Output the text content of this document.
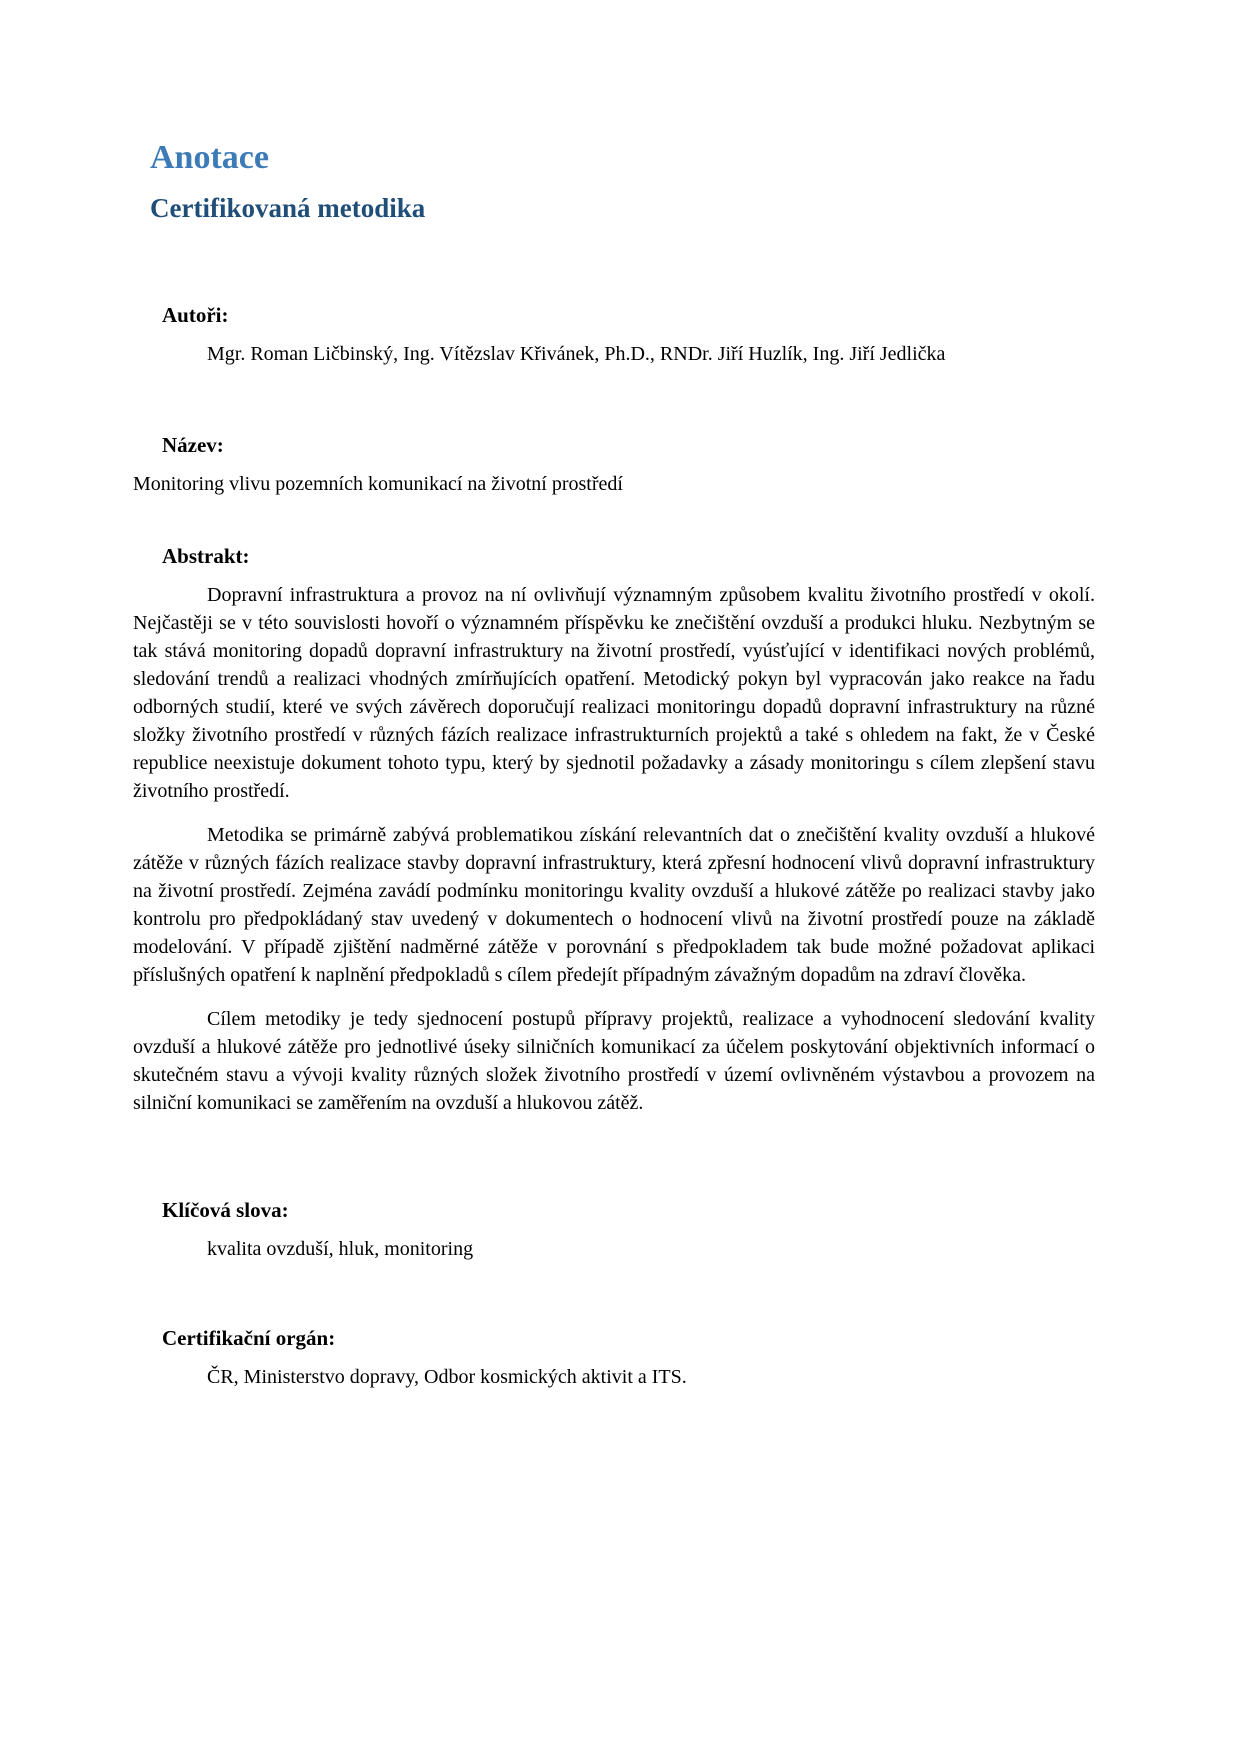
Anotace
Certifikovaná metodika
Autoři:

Mgr. Roman Ličbinský, Ing. Vítězslav Křivánek, Ph.D., RNDr. Jiří Huzlík, Ing. Jiří Jedlička

Název:

Monitoring vlivu pozemních komunikací na životní prostředí

Abstrakt:

Dopravní infrastruktura a provoz na ní ovlivňují významným způsobem kvalitu životního prostředí v okolí. Nejčastěji se v této souvislosti hovoří o významném příspěvku ke znečištění ovzduší a produkci hluku. Nezbytným se tak stává monitoring dopadů dopravní infrastruktury na životní prostředí, vyúsťující v identifikaci nových problémů, sledování trendů a realizaci vhodných zmírňujících opatření. Metodický pokyn byl vypracován jako reakce na řadu odborných studií, které ve svých závěrech doporučují realizaci monitoringu dopadů dopravní infrastruktury na různé složky životního prostředí v různých fázích realizace infrastrukturních projektů a také s ohledem na fakt, že v České republice neexistuje dokument tohoto typu, který by sjednotil požadavky a zásady monitoringu s cílem zlepšení stavu životního prostředí.

Metodika se primárně zabývá problematikou získání relevantních dat o znečištění kvality ovzduší a hlukové zátěže v různých fázích realizace stavby dopravní infrastruktury, která zpřesní hodnocení vlivů dopravní infrastruktury na životní prostředí. Zejména zavádí podmínku monitoringu kvality ovzduší a hlukové zátěže po realizaci stavby jako kontrolu pro předpokládaný stav uvedený v dokumentech o hodnocení vlivů na životní prostředí pouze na základě modelování. V případě zjištění nadměrné zátěže v porovnání s předpokladem tak bude možné požadovat aplikaci příslušných opatření k naplnění předpokladů s cílem předejít případným závažným dopadům na zdraví člověka.

Cílem metodiky je tedy sjednocení postupů přípravy projektů, realizace a vyhodnocení sledování kvality ovzduší a hlukové zátěže pro jednotlivé úseky silničních komunikací za účelem poskytování objektivních informací o skutečném stavu a vývoji kvality různých složek životního prostředí v území ovlivněném výstavbou a provozem na silniční komunikaci se zaměřením na ovzduší a hlukovou zátěž.

Klíčová slova:

kvalita ovzduší, hluk, monitoring

Certifikační orgán:

ČR, Ministerstvo dopravy, Odbor kosmických aktivit a ITS.
